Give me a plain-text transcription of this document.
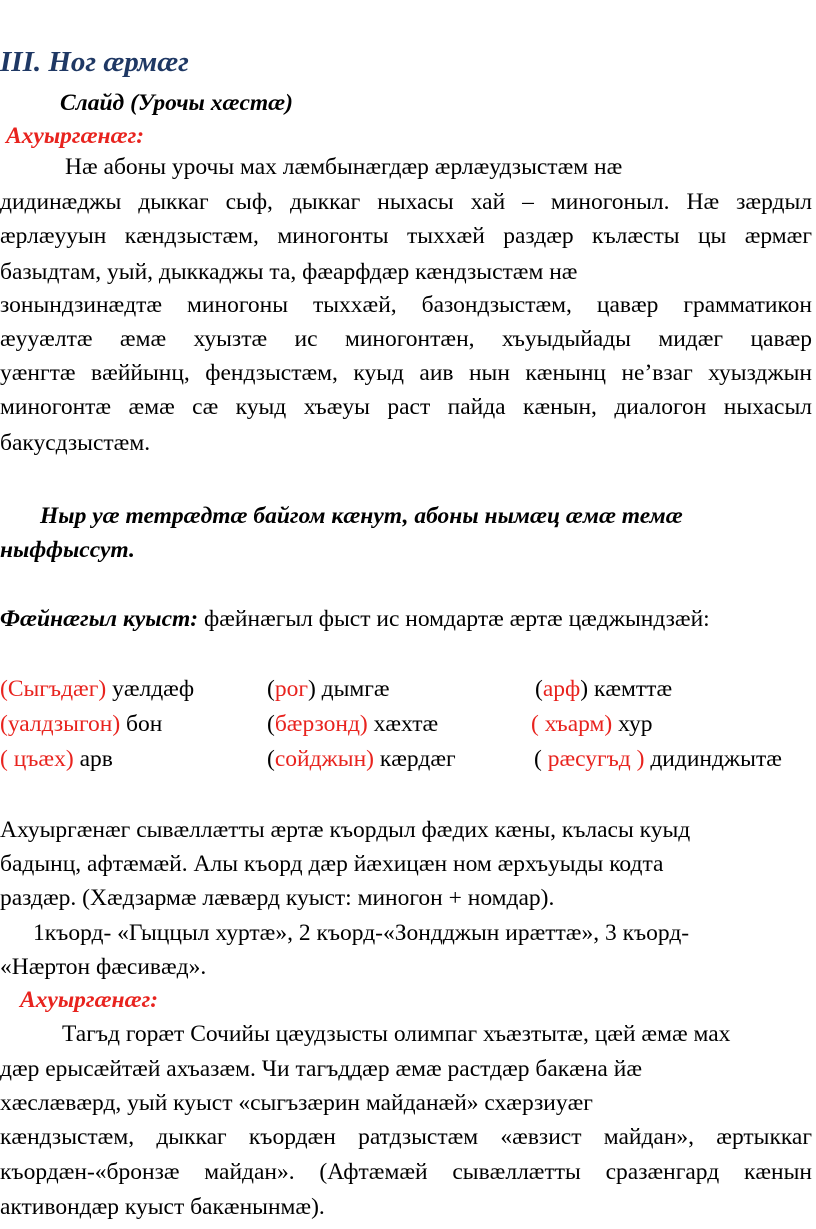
III. Ног æрмæг
Слайд (Урочы хæстæ)
Ахуыргæнæг:
Нæ абоны урочы мах лæмбынæгдæр æрлæудзыстæм нæ
дидинæджы дыккаг сыф, дыккаг ныхасы хай – миногоныл. Нæ зæрдыл
æрлæууын кæндзыстæм, миногонты тыххæй раздæр кълæсты цы æрмæг
базыдтам, уый, дыккаджы та, фæарфдæр кæндзыстæм нæ
зонындзинæдтæ миногоны тыххæй, базондзыстæм, цавæр грамматикон
æууæлтæ æмæ хуызтæ ис миногонтæн, хъуыдыйады мидæг цавæр
уæнгтæ вæййынц, фендзыстæм, куыд аив нын кæнынц не’взаг хуызджын
миногонтæ æмæ сæ куыд хъæуы раст пайда кæнын, диалогон ныхасыл
бакусдзыстæм.
Ныр уæ тетрæдтæ байгом кæнут, абоны нымæц æмæ темæ
ныффыссут.
Фæйнæгыл куыст: фæйнæгыл фыст ис номдартæ æртæ цæджындзæй:
(Сыгъдæг) уæлдæф	(рог) дымгæ	(арф) кæмттæ
(уалдзыгон) бон	(бæрзонд) хæхтæ	( хъарм) хур
( цъæх) арв	(сойджын) кæрдæг	( рæсугъд ) дидинджытæ
Ахуыргæнæг сывæллæтты æртæ къордыл фæдих кæны, къласы куыд
бадынц, афтæмæй. Алы къорд дæр йæхицæн ном æрхъуыды кодта
раздæр. (Хæдзармæ лæвæрд куыст: миногон + номдар).
1къорд- «Гыццыл хуртæ», 2 къорд-«Зондджын ирæттæ», 3 къорд-
«Нæртон фæсивæд».
Ахуыргæнæг:
Тагъд горæт Сочийы цæудзысты олимпаг хъæзтытæ, цæй æмæ мах
дæр ерысæйтæй ахъазæм. Чи тагъддæр æмæ растдæр бакæна йæ
хæслæвæрд, уый куыст «сыгъзæрин майданæй» схæрзиуæг
кæндзыстæм, дыккаг къордæн ратдзыстæм «æвзист майдан», æртыккаг
къордæн-«бронзæ майдан». (Афтæмæй сывæллæтты сразæнгард кæнын
активондæр куыст бакæнынмæ).
